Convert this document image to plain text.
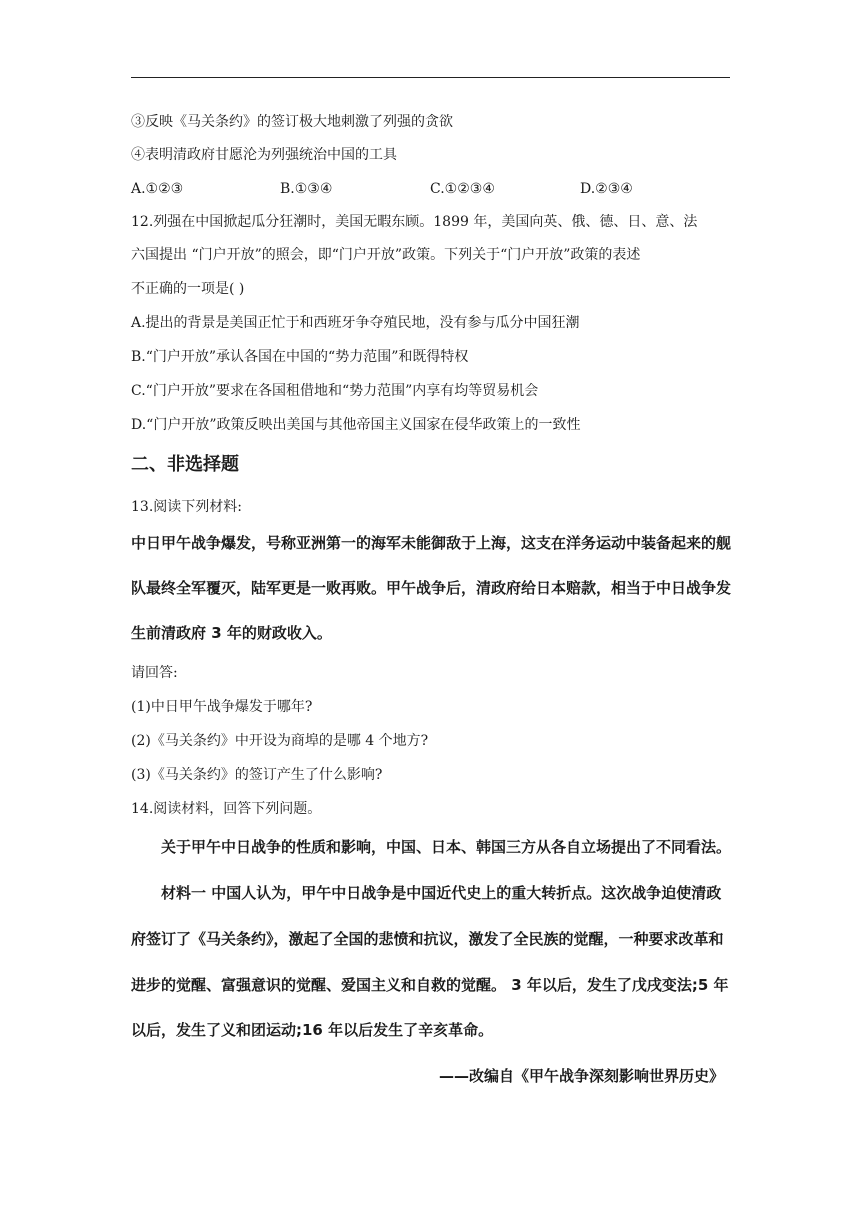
③反映《马关条约》的签订极大地刺激了列强的贪欲
④表明清政府甘愿沦为列强统治中国的工具
A.①②③	B.①③④	C.①②③④	D.②③④
12.列强在中国掀起瓜分狂潮时，美国无暇东顾。1899 年，美国向英、俄、德、日、意、法
六国提出 “门户开放”的照会，即“门户开放”政策。下列关于“门户开放”政策的表述
不正确的一项是( )
A.提出的背景是美国正忙于和西班牙争夺殖民地，没有参与瓜分中国狂潮
B.“门户开放”承认各国在中国的“势力范围”和既得特权
C.“门户开放”要求在各国租借地和“势力范围”内享有均等贸易机会
D.“门户开放”政策反映出美国与其他帝国主义国家在侵华政策上的一致性
二、非选择题
13.阅读下列材料:
中日甲午战争爆发，号称亚洲第一的海军未能御敌于上海，这支在洋务运动中装备起来的舰
队最终全军覆灭，陆军更是一败再败。甲午战争后，清政府给日本赔款，相当于中日战争发
生前清政府 3 年的财政收入。
请回答:
(1)中日甲午战争爆发于哪年?
(2)《马关条约》中开设为商埠的是哪 4 个地方?
(3)《马关条约》的签订产生了什么影响?
14.阅读材料，回答下列问题。
关于甲午中日战争的性质和影响，中国、日本、韩国三方从各自立场提出了不同看法。
材料一 中国人认为，甲午中日战争是中国近代史上的重大转折点。这次战争迫使清政
府签订了《马关条约》，激起了全国的悲愤和抗议，激发了全民族的觉醒，一种要求改革和
进步的觉醒、富强意识的觉醒、爱国主义和自救的觉醒。 3 年以后，发生了戊戌变法;5 年
以后，发生了义和团运动;16 年以后发生了辛亥革命。
——改编自《甲午战争深刻影响世界历史》
